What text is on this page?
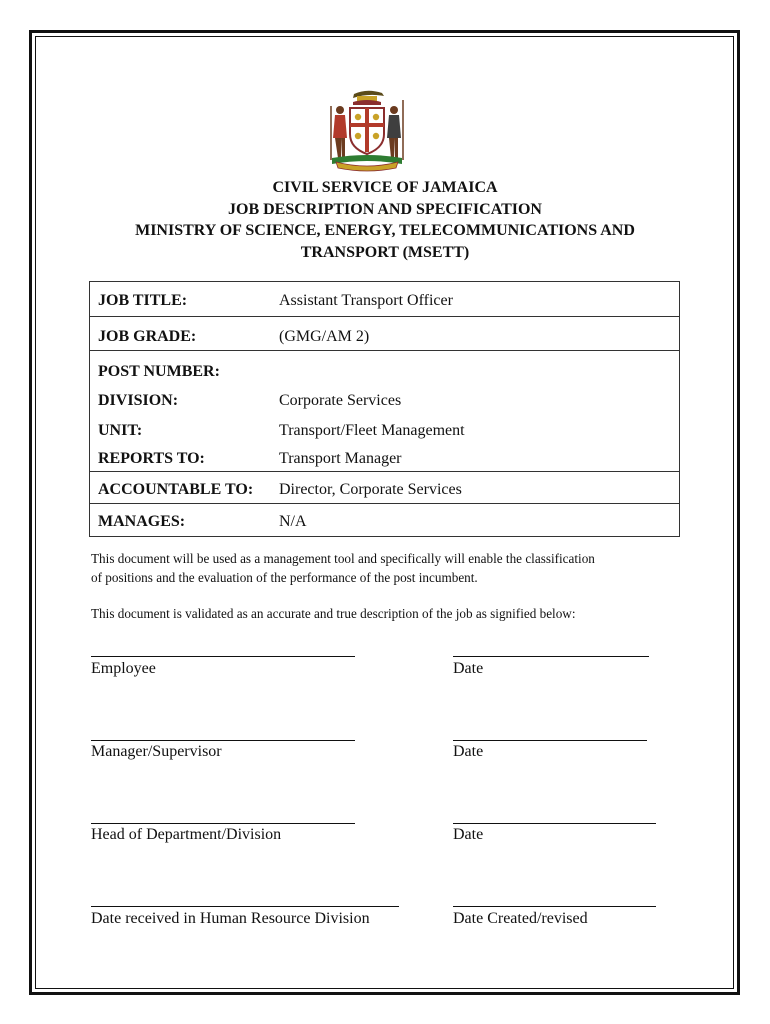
CIVIL SERVICE OF JAMAICA
JOB DESCRIPTION AND SPECIFICATION
MINISTRY OF SCIENCE, ENERGY, TELECOMMUNICATIONS AND
TRANSPORT (MSETT)
JOB TITLE:	Assistant Transport Officer
JOB GRADE:	(GMG/AM 2)
POST NUMBER:
DIVISION:	Corporate Services
UNIT:	Transport/Fleet Management
REPORTS TO:	Transport Manager
ACCOUNTABLE TO: Director, Corporate Services
MANAGES:	N/A
This document will be used as a management tool and specifically will enable the classification
of positions and the evaluation of the performance of the post incumbent.
This document is validated as an accurate and true description of the job as signified below:
Employee	Date
Manager/Supervisor	Date
Head of Department/Division	Date
Date received in Human Resource Division	Date Created/revised
